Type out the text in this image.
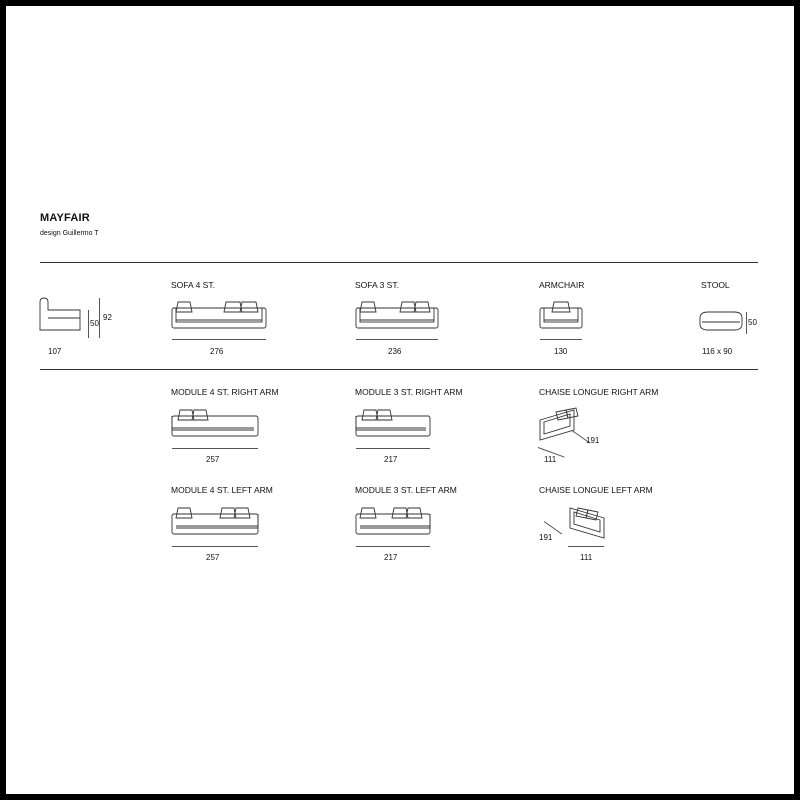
MAYFAIR
design Guillermo T
50
92
107
SOFA 4 ST.
276
SOFA 3 ST.
236
ARMCHAIR
130
STOOL
50
116 x 90
MODULE 4 ST. RIGHT ARM
257
MODULE 3 ST. RIGHT ARM
217
CHAISE LONGUE RIGHT ARM
111
191
MODULE 4 ST. LEFT ARM
257
MODULE 3 ST. LEFT ARM
217
CHAISE LONGUE LEFT ARM
191
111
